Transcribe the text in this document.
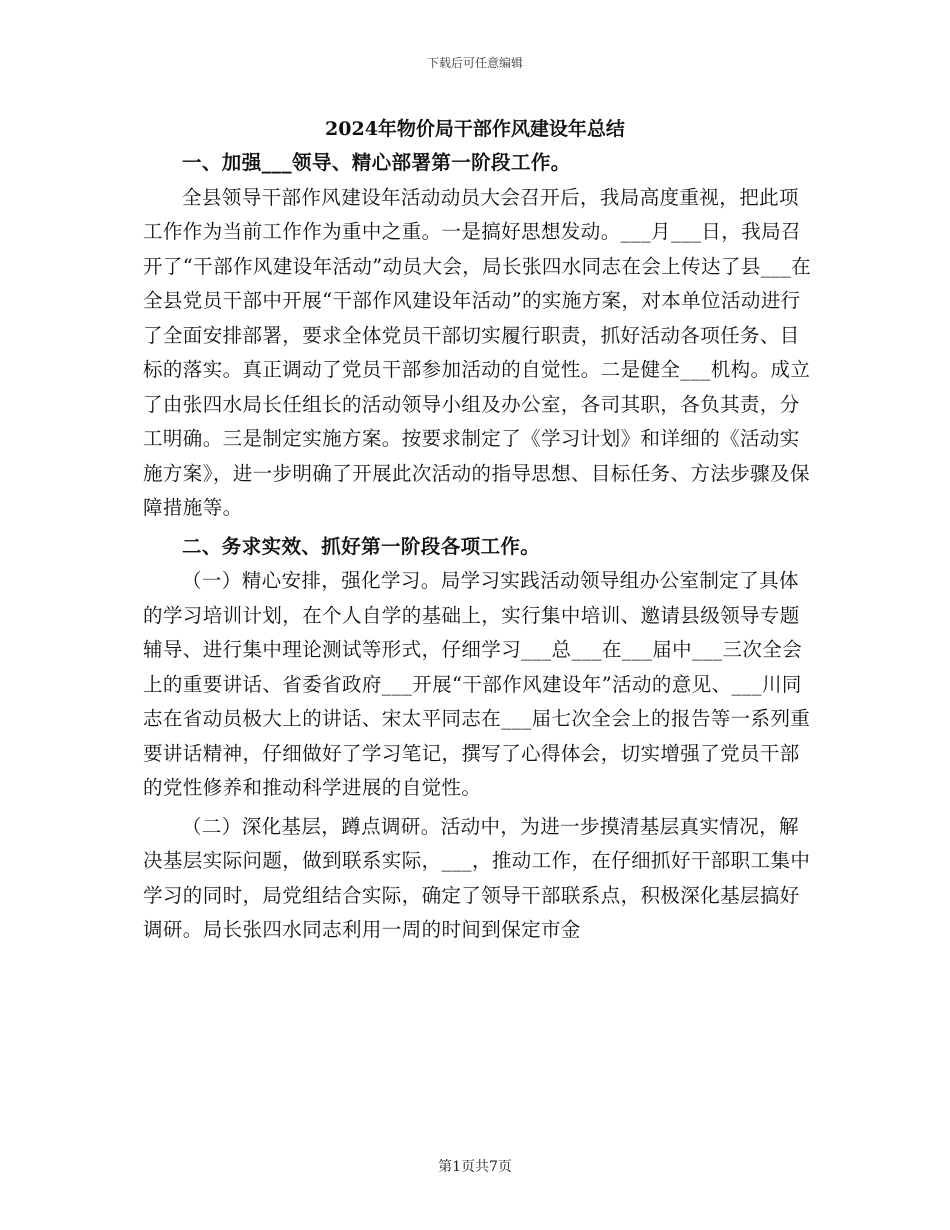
下载后可任意编辑
2024年物价局干部作风建设年总结

一、加强___领导、精心部署第一阶段工作。

全县领导干部作风建设年活动动员大会召开后，我局高度重视，把此项工作作为当前工作作为重中之重。一是搞好思想发动。___月___日，我局召开了“干部作风建设年活动”动员大会，局长张四水同志在会上传达了县___在全县党员干部中开展“干部作风建设年活动”的实施方案，对本单位活动进行了全面安排部署，要求全体党员干部切实履行职责，抓好活动各项任务、目标的落实。真正调动了党员干部参加活动的自觉性。二是健全___机构。成立了由张四水局长任组长的活动领导小组及办公室，各司其职，各负其责，分工明确。三是制定实施方案。按要求制定了《学习计划》和详细的《活动实施方案》，进一步明确了开展此次活动的指导思想、目标任务、方法步骤及保障措施等。

二、务求实效、抓好第一阶段各项工作。

（一）精心安排，强化学习。局学习实践活动领导组办公室制定了具体的学习培训计划，在个人自学的基础上，实行集中培训、邀请县级领导专题辅导、进行集中理论测试等形式，仔细学习___总___在___届中___三次全会上的重要讲话、省委省政府___开展“干部作风建设年”活动的意见、___川同志在省动员极大上的讲话、宋太平同志在___届七次全会上的报告等一系列重要讲话精神，仔细做好了学习笔记，撰写了心得体会，切实增强了党员干部的党性修养和推动科学进展的自觉性。

（二）深化基层，蹲点调研。活动中，为进一步摸清基层真实情况，解决基层实际问题，做到联系实际，___，推动工作，在仔细抓好干部职工集中学习的同时，局党组结合实际，确定了领导干部联系点，积极深化基层搞好调研。局长张四水同志利用一周的时间到保定市金

第1页共7页
